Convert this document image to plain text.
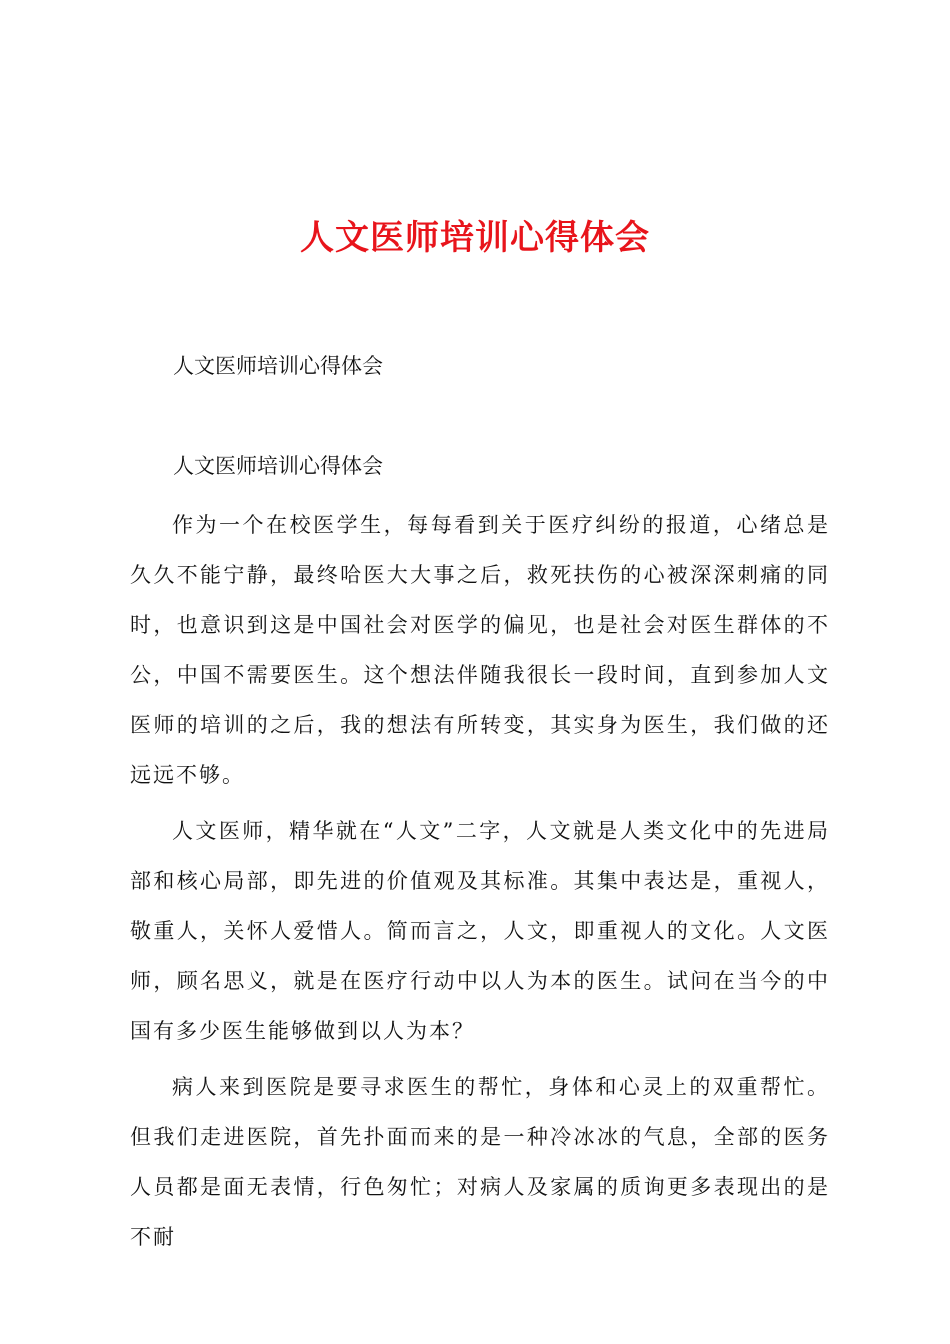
人文医师培训心得体会

人文医师培训心得体会

人文医师培训心得体会

作为一个在校医学生，每每看到关于医疗纠纷的报道，心绪总是久久不能宁静，最终哈医大大事之后，救死扶伤的心被深深刺痛的同时，也意识到这是中国社会对医学的偏见，也是社会对医生群体的不公，中国不需要医生。这个想法伴随我很长一段时间，直到参加人文医师的培训的之后，我的想法有所转变，其实身为医生，我们做的还远远不够。

人文医师，精华就在“人文”二字，人文就是人类文化中的先进局部和核心局部，即先进的价值观及其标准。其集中表达是，重视人，敬重人，关怀人爱惜人。简而言之，人文，即重视人的文化。人文医师，顾名思义，就是在医疗行动中以人为本的医生。试问在当今的中国有多少医生能够做到以人为本？

病人来到医院是要寻求医生的帮忙，身体和心灵上的双重帮忙。但我们走进医院，首先扑面而来的是一种冷冰冰的气息，全部的医务人员都是面无表情，行色匆忙；对病人及家属的质询更多表现出的是不耐
